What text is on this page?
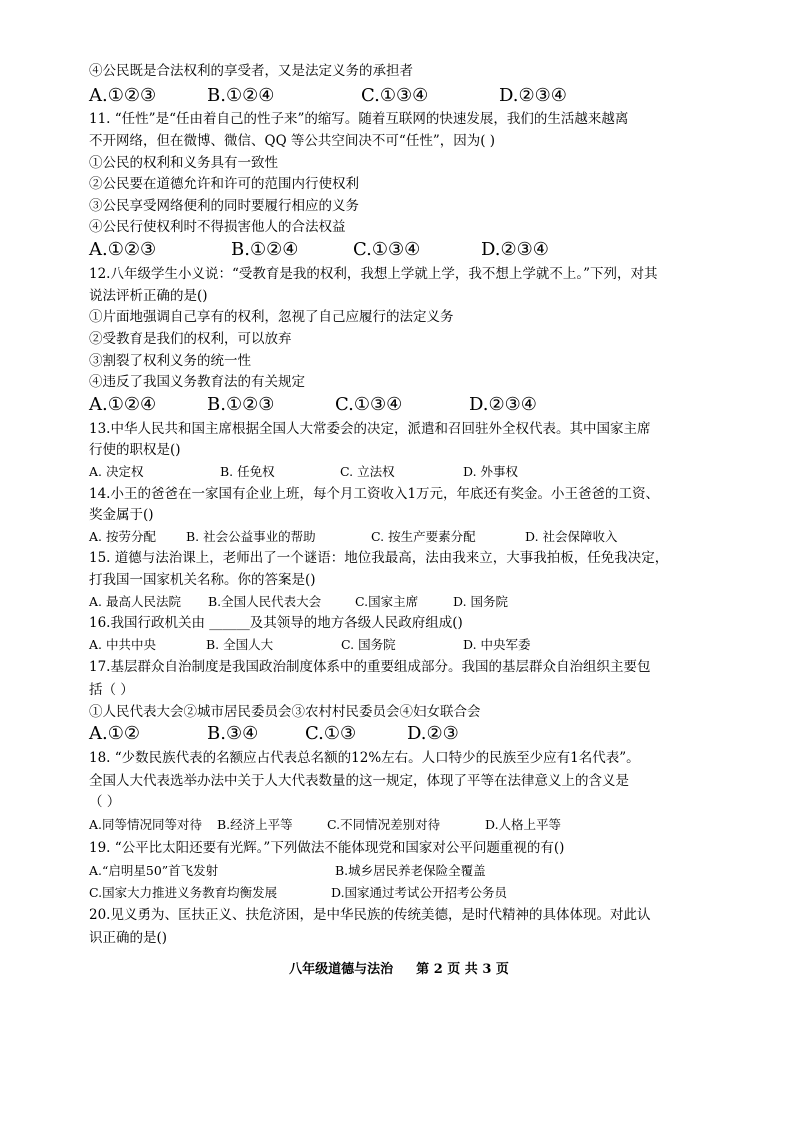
④公民既是合法权利的享受者，又是法定义务的承担者
A.①②③	B.①②④	C.①③④	D.②③④
11. “任性”是“任由着自己的性子来”的缩写。随着互联网的快速发展，我们的生活越来越离
不开网络，但在微博、微信、QQ 等公共空间决不可“任性”，因为( )
①公民的权利和义务具有一致性
②公民要在道德允许和许可的范围内行使权利
③公民享受网络便利的同时要履行相应的义务
④公民行使权利时不得损害他人的合法权益
A.①②③	B.①②④	C.①③④	D.②③④
12.八年级学生小义说：“受教育是我的权利，我想上学就上学，我不想上学就不上。”下列，对其
说法评析正确的是()
①片面地强调自己享有的权利，忽视了自己应履行的法定义务
②受教育是我们的权利，可以放弃
③割裂了权利义务的统一性
④违反了我国义务教育法的有关规定
A.①②④	B.①②③	C.①③④	D.②③④
13.中华人民共和国主席根据全国人大常委会的决定，派遣和召回驻外全权代表。其中国家主席
行使的职权是()
A. 决定权	B. 任免权	C. 立法权	D. 外事权
14.小王的爸爸在一家国有企业上班，每个月工资收入1万元，年底还有奖金。小王爸爸的工资、
奖金属于()
A. 按劳分配 B. 社会公益事业的帮助	C. 按生产要素分配	D. 社会保障收入
15. 道德与法治课上，老师出了一个谜语：地位我最高，法由我来立，大事我拍板，任免我决定，
打我国一国家机关名称。你的答案是()
A. 最高人民法院 B.全国人民代表大会	C.国家主席	D. 国务院
16.我国行政机关由 ______及其领导的地方各级人民政府组成()
A. 中共中央	B. 全国人大	C. 国务院	D. 中央军委
17.基层群众自治制度是我国政治制度体系中的重要组成部分。我国的基层群众自治组织主要包
括（ ）
①人民代表大会②城市居民委员会③农村村民委员会④妇女联合会
A.①②	B.③④	C.①③	D.②③
18. “少数民族代表的名额应占代表总名额的12%左右。人口特少的民族至少应有1名代表”。
全国人大代表选举办法中关于人大代表数量的这一规定，体现了平等在法律意义上的含义是
（ ）
A.同等情况同等对待 B.经济上平等	C.不同情况差别对待	D.人格上平等
19. “公平比太阳还要有光辉。”下列做法不能体现党和国家对公平问题重视的有()
A.“启明星50”首飞发射	B.城乡居民养老保险全覆盖
C.国家大力推进义务教育均衡发展	D.国家通过考试公开招考公务员
20.见义勇为、匡扶正义、扶危济困，是中华民族的传统美德，是时代精神的具体体现。对此认
识正确的是()
八年级道德与法治 第 2 页 共 3 页
